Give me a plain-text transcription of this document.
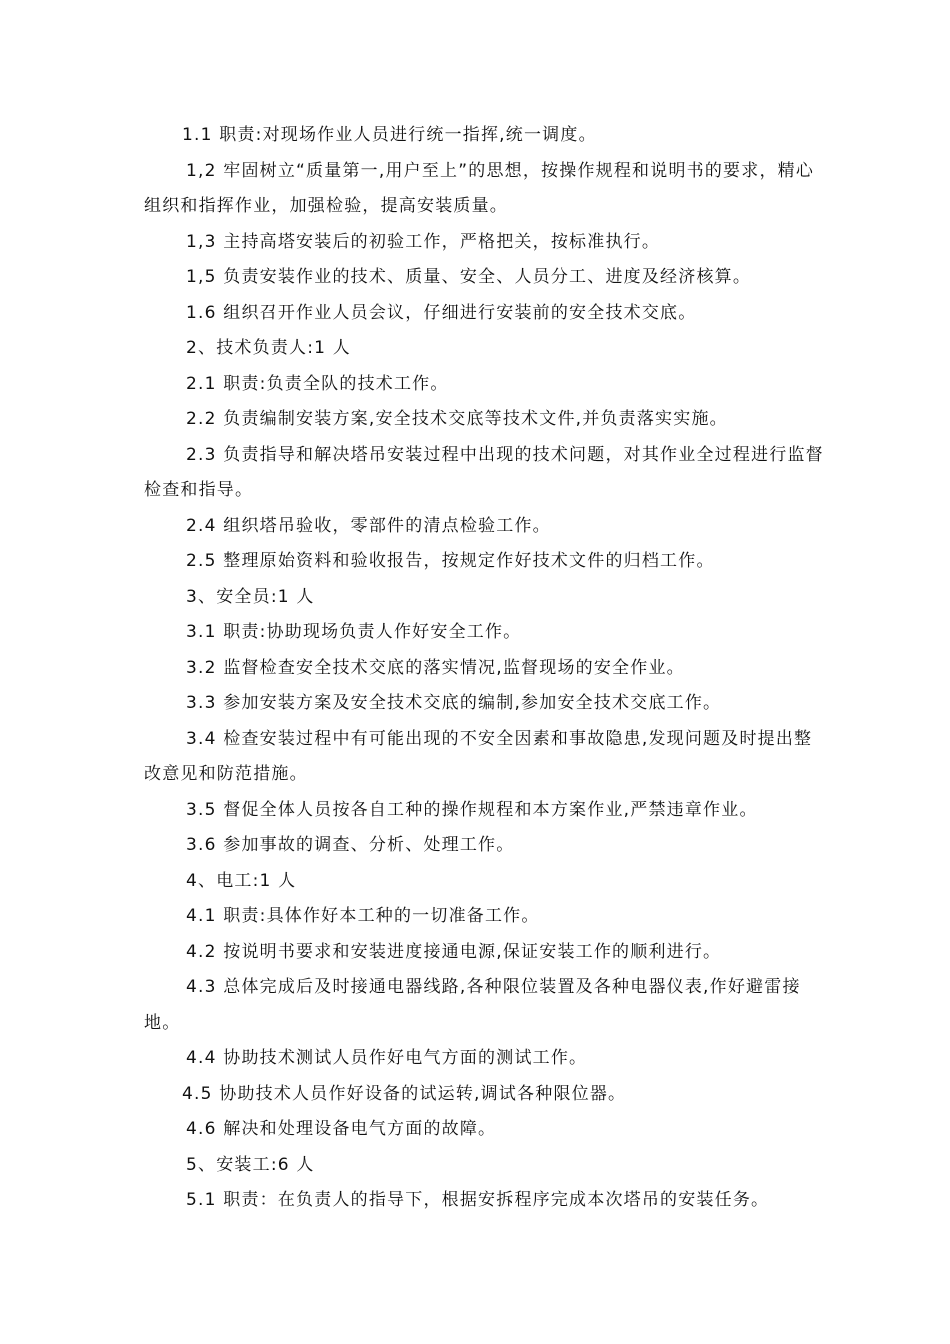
1.1 职责:对现场作业人员进行统一指挥,统一调度。

1,2 牢固树立“质量第一,用户至上”的思想，按操作规程和说明书的要求，精心组织和指挥作业，加强检验，提高安装质量。

1,3 主持高塔安装后的初验工作，严格把关，按标准执行。

1,5 负责安装作业的技术、质量、安全、人员分工、进度及经济核算。

1.6 组织召开作业人员会议，仔细进行安装前的安全技术交底。

2、技术负责人:1 人

2.1 职责:负责全队的技术工作。

2.2 负责编制安装方案,安全技术交底等技术文件,并负责落实实施。

2.3 负责指导和解决塔吊安装过程中出现的技术问题，对其作业全过程进行监督检查和指导。

2.4 组织塔吊验收，零部件的清点检验工作。

2.5 整理原始资料和验收报告，按规定作好技术文件的归档工作。

3、安全员:1 人

3.1 职责:协助现场负责人作好安全工作。

3.2 监督检查安全技术交底的落实情况,监督现场的安全作业。

3.3 参加安装方案及安全技术交底的编制,参加安全技术交底工作。

3.4 检查安装过程中有可能出现的不安全因素和事故隐患,发现问题及时提出整改意见和防范措施。

3.5 督促全体人员按各自工种的操作规程和本方案作业,严禁违章作业。

3.6 参加事故的调查、分析、处理工作。

4、电工:1 人

4.1 职责:具体作好本工种的一切准备工作。

4.2 按说明书要求和安装进度接通电源,保证安装工作的顺利进行。

4.3 总体完成后及时接通电器线路,各种限位装置及各种电器仪表,作好避雷接地。

4.4 协助技术测试人员作好电气方面的测试工作。

4.5 协助技术人员作好设备的试运转,调试各种限位器。

4.6 解决和处理设备电气方面的故障。

5、安装工:6 人

5.1 职责：在负责人的指导下，根据安拆程序完成本次塔吊的安装任务。
